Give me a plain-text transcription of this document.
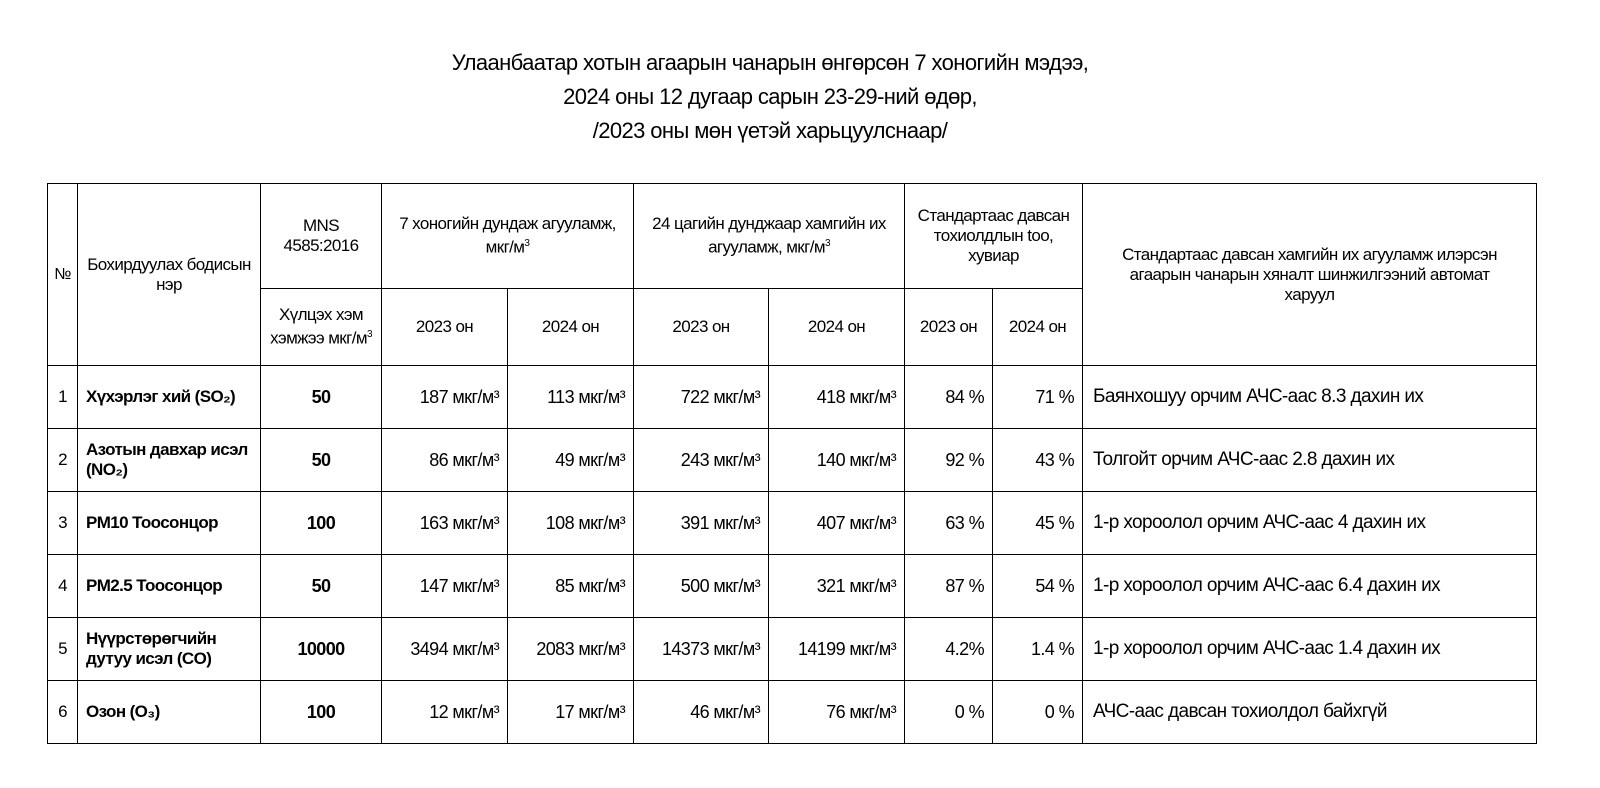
Улаанбаатар хотын агаарын чанарын өнгөрсөн 7 хоногийн мэдээ,
2024 оны 12 дугаар сарын 23-29-ний өдөр,
/2023 оны мөн үетэй харьцуулснаар/
№	Бохирдуулах бодисын нэр	MNS 4585:2016	7 хоногийн дундаж агууламж, мкг/$м^3$		24 цагийн дунджаар хамгийн их агууламж, мкг/$м^3$		Стандартаас давсан тохиолдлын too, хувиар		Стандартаас давсан хамгийн их агууламж илэрсэн агаарын чанарын хяналт шинжилгээний автомат харуул
		Хүлцэх хэм хэмжээ мкг/$м^3$	2023 он	2024 он	2023 он	2024 он	2023 он	2024 он	
1	Хүхэрлэг хий (SO₂)	50	187 мкг/м³	113 мкг/м³	722 мкг/м³	418 мкг/м³	84 %	71 %	Баянхошуу орчим АЧС-аас 8.3 дахин их
2	Азотын давхар исэл (NO₂)	50	86 мкг/м³	49 мкг/м³	243 мкг/м³	140 мкг/м³	92 %	43 %	Толгойт орчим АЧС-аас 2.8 дахин их
3	PM10 Тоосонцор	100	163 мкг/м³	108 мкг/м³	391 мкг/м³	407 мкг/м³	63 %	45 %	1-р хороолол орчим АЧС-аас 4 дахин их
4	PM2.5 Тоосонцор	50	147 мкг/м³	85 мкг/м³	500 мкг/м³	321 мкг/м³	87 %	54 %	1-р хороолол орчим АЧС-аас 6.4 дахин их
5	Нүүрстөрөгчийн дутуу исэл (CO)	10000	3494 мкг/м³	2083 мкг/м³	14373 мкг/м³	14199 мкг/м³	4.2%	1.4 %	1-р хороолол орчим АЧС-аас 1.4 дахин их
6	Озон (O₃)	100	12 мкг/м³	17 мкг/м³	46 мкг/м³	76 мкг/м³	0 %	0 %	АЧС-аас давсан тохиолдол байхгүй
